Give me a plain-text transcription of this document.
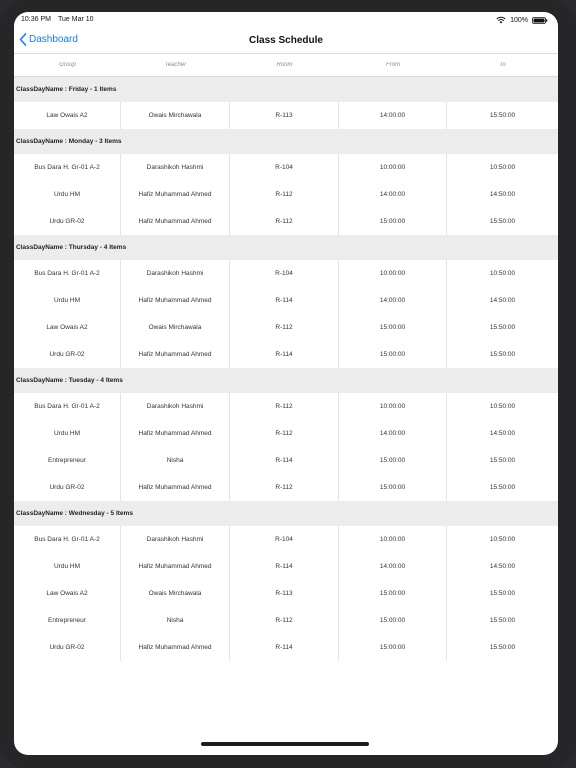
10:36 PM Tue Mar 10	100%
Dashboard	Class Schedule
Group	Teacher	Room	From	To
ClassDayName : Friday - 1 Items
Law Owais A2	Owais Mirchawala	R-113	14:00:00	15:50:00
ClassDayName : Monday - 3 Items
Bus Dara H. Gr-01 A-2	Darashikoh Hashmi	R-104	10:00:00	10:50:00
Urdu HM	Hafiz Muhammad Ahmed	R-112	14:00:00	14:50:00
Urdu GR-02	Hafiz Muhammad Ahmed	R-112	15:00:00	15:50:00
ClassDayName : Thursday - 4 Items
Bus Dara H. Gr-01 A-2	Darashikoh Hashmi	R-104	10:00:00	10:50:00
Urdu HM	Hafiz Muhammad Ahmed	R-114	14:00:00	14:50:00
Law Owais A2	Owais Mirchawala	R-112	15:00:00	15:50:00
Urdu GR-02	Hafiz Muhammad Ahmed	R-114	15:00:00	15:50:00
ClassDayName : Tuesday - 4 Items
Bus Dara H. Gr-01 A-2	Darashikoh Hashmi	R-112	10:00:00	10:50:00
Urdu HM	Hafiz Muhammad Ahmed	R-112	14:00:00	14:50:00
Entrepreneur	Nisha	R-114	15:00:00	15:50:00
Urdu GR-02	Hafiz Muhammad Ahmed	R-112	15:00:00	15:50:00
ClassDayName : Wednesday - 5 Items
Bus Dara H. Gr-01 A-2	Darashikoh Hashmi	R-104	10:00:00	10:50:00
Urdu HM	Hafiz Muhammad Ahmed	R-114	14:00:00	14:50:00
Law Owais A2	Owais Mirchawala	R-113	15:00:00	15:50:00
Entrepreneur	Nisha	R-112	15:00:00	15:50:00
Urdu GR-02	Hafiz Muhammad Ahmed	R-114	15:00:00	15:50:00
